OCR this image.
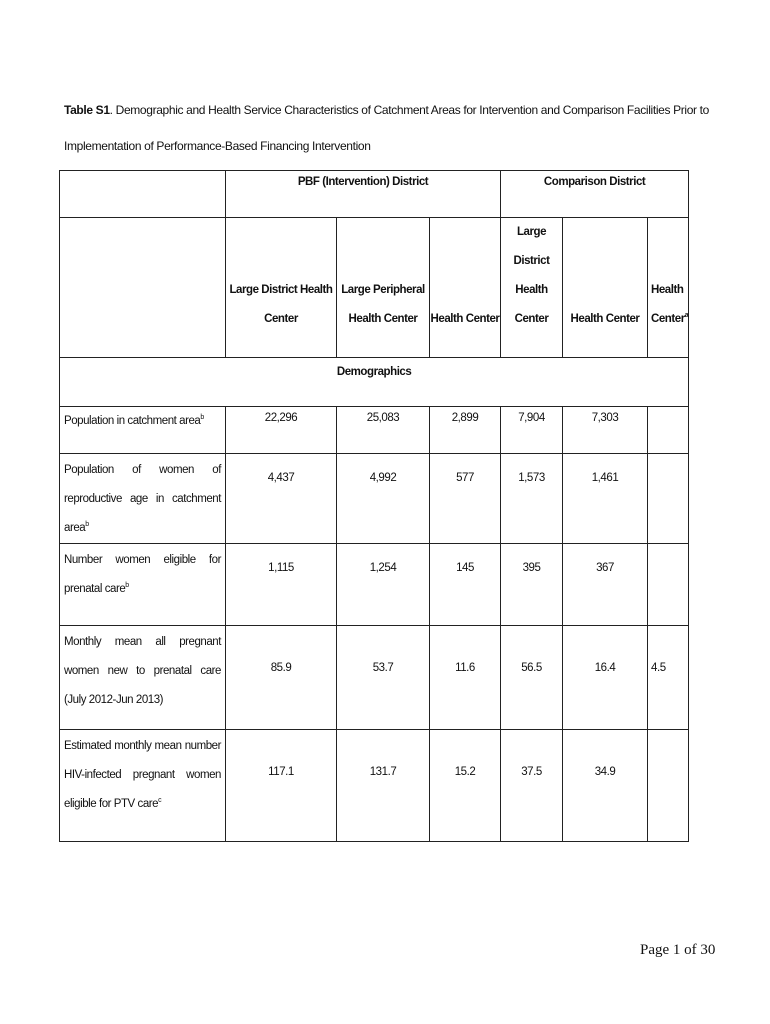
Table S1. Demographic and Health Service Characteristics of Catchment Areas for Intervention and Comparison Facilities Prior to Implementation of Performance-Based Financing Intervention
	PBF (Intervention) District			Comparison District		
	Large District Health Center	Large Peripheral Health Center	Health Center	Large District Health Center	Health Center	Health Center$^a$
Demographics						
Population in catchment area$^b$	22,296	25,083	2,899	7,904	7,303	
Population of women of reproductive age in catchment area$^b$	4,437	4,992	577	1,573	1,461	
Number women eligible for prenatal care$^b$	1,115	1,254	145	395	367	
Monthly mean all pregnant women new to prenatal care (July 2012-Jun 2013)	85.9	53.7	11.6	56.5	16.4	4.5
Estimated monthly mean number HIV-infected pregnant women eligible for PTV care$^c$	117.1	131.7	15.2	37.5	34.9	
Page 1 of 30
